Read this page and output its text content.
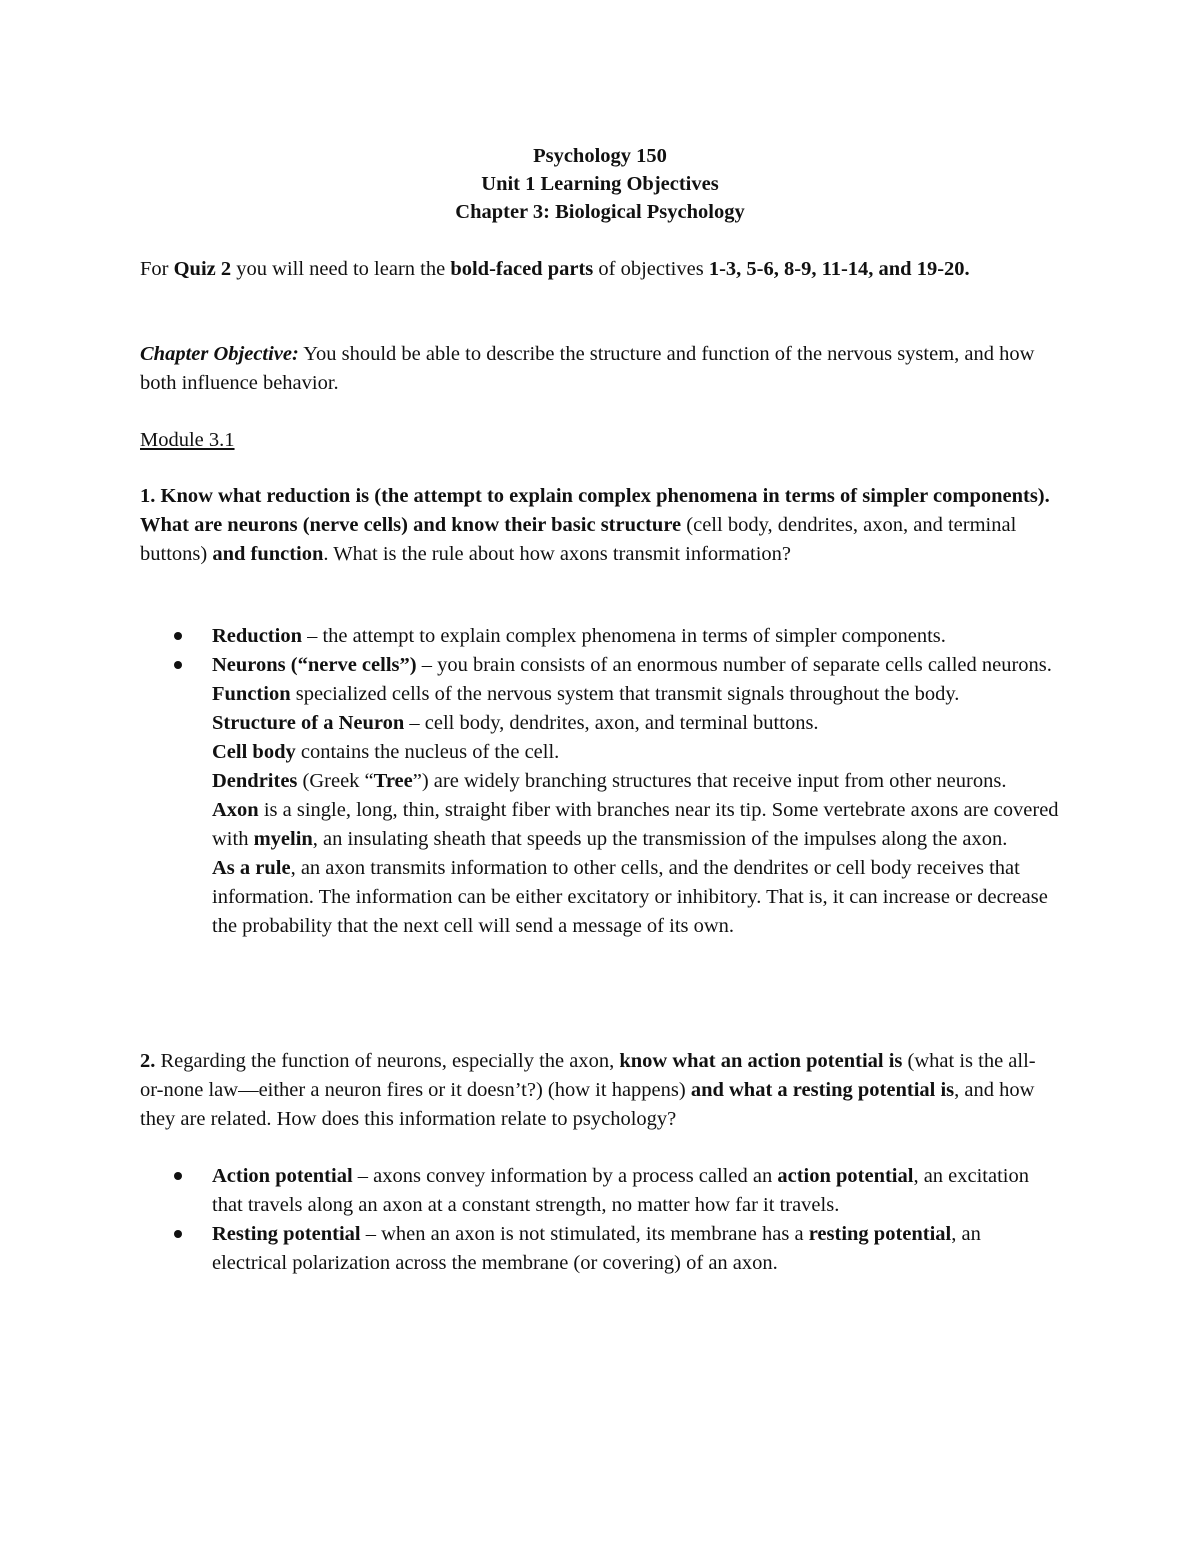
Psychology 150
Unit 1 Learning Objectives
Chapter 3: Biological Psychology

For Quiz 2 you will need to learn the bold-faced parts of objectives 1-3, 5-6, 8-9, 11-14, and 19-20.

Chapter Objective: You should be able to describe the structure and function of the nervous system, and how both influence behavior.

Module 3.1

1. Know what reduction is (the attempt to explain complex phenomena in terms of simpler components). What are neurons (nerve cells) and know their basic structure (cell body, dendrites, axon, and terminal buttons) and function. What is the rule about how axons transmit information?

Reduction – the attempt to explain complex phenomena in terms of simpler components.
Neurons (“nerve cells”) – you brain consists of an enormous number of separate cells called neurons. Function specialized cells of the nervous system that transmit signals throughout the body.
Structure of a Neuron – cell body, dendrites, axon, and terminal buttons.
Cell body contains the nucleus of the cell.
Dendrites (Greek “Tree”) are widely branching structures that receive input from other neurons.
Axon is a single, long, thin, straight fiber with branches near its tip. Some vertebrate axons are covered with myelin, an insulating sheath that speeds up the transmission of the impulses along the axon.
As a rule, an axon transmits information to other cells, and the dendrites or cell body receives that information. The information can be either excitatory or inhibitory. That is, it can increase or decrease the probability that the next cell will send a message of its own.

2. Regarding the function of neurons, especially the axon, know what an action potential is (what is the all-or-none law—either a neuron fires or it doesn’t?) (how it happens) and what a resting potential is, and how they are related. How does this information relate to psychology?

Action potential – axons convey information by a process called an action potential, an excitation that travels along an axon at a constant strength, no matter how far it travels.
Resting potential – when an axon is not stimulated, its membrane has a resting potential, an electrical polarization across the membrane (or covering) of an axon.
